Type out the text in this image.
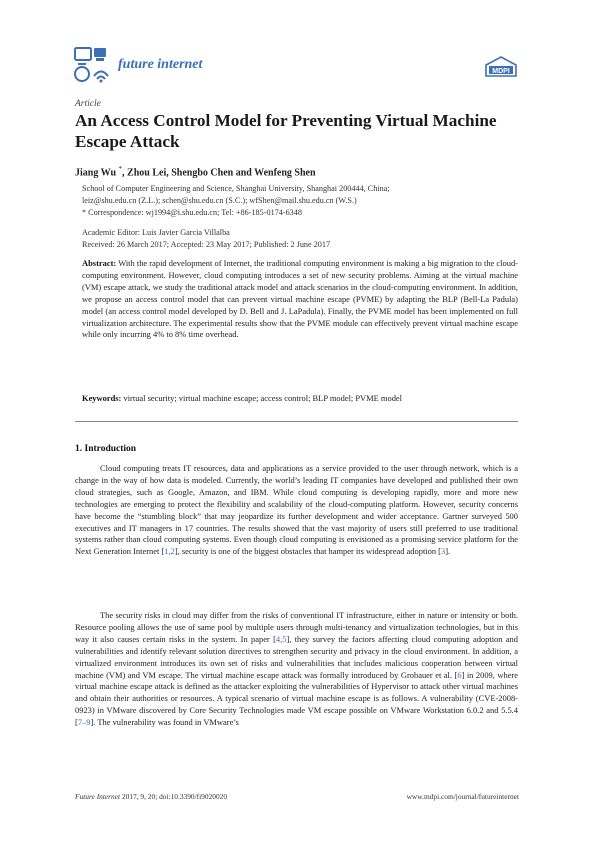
future internet	MDPI
Article
An Access Control Model for Preventing Virtual Machine Escape Attack
Jiang Wu *, Zhou Lei, Shengbo Chen and Wenfeng Shen
School of Computer Engineering and Science, Shanghai University, Shanghai 200444, China;
leiz@shu.edu.cn (Z.L.); schen@shu.edu.cn (S.C.); wfShen@mail.shu.edu.cn (W.S.)
* Correspondence: wj1994@i.shu.edu.cn; Tel: +86-185-0174-6348
Academic Editor: Luis Javier Garcia Villalba
Received: 26 March 2017; Accepted: 23 May 2017; Published: 2 June 2017
Abstract: With the rapid development of Internet, the traditional computing environment is making a big migration to the cloud-computing environment. However, cloud computing introduces a set of new security problems. Aiming at the virtual machine (VM) escape attack, we study the traditional attack model and attack scenarios in the cloud-computing environment. In addition, we propose an access control model that can prevent virtual machine escape (PVME) by adapting the BLP (Bell-La Padula) model (an access control model developed by D. Bell and J. LaPadula). Finally, the PVME model has been implemented on full virtualization architecture. The experimental results show that the PVME module can effectively prevent virtual machine escape while only incurring 4% to 8% time overhead.
Keywords: virtual security; virtual machine escape; access control; BLP model; PVME model
1. Introduction
Cloud computing treats IT resources, data and applications as a service provided to the user through network, which is a change in the way of how data is modeled. Currently, the world’s leading IT companies have developed and published their own cloud strategies, such as Google, Amazon, and IBM. While cloud computing is developing rapidly, more and more new technologies are emerging to protect the flexibility and scalability of the cloud-computing platform. However, security concerns have become the “stumbling block” that may jeopardize its further development and wider acceptance. Gartner surveyed 500 executives and IT managers in 17 countries. The results showed that the vast majority of users still preferred to use traditional systems rather than cloud computing systems. Even though cloud computing is envisioned as a promising service platform for the Next Generation Internet [1,2], security is one of the biggest obstacles that hamper its widespread adoption [3].
The security risks in cloud may differ from the risks of conventional IT infrastructure, either in nature or intensity or both. Resource pooling allows the use of same pool by multiple users through multi-tenancy and virtualization technologies, but in this way it also causes certain risks in the system. In paper [4,5], they survey the factors affecting cloud computing adoption and vulnerabilities and identify relevant solution directives to strengthen security and privacy in the cloud environment. In addition, a virtualized environment introduces its own set of risks and vulnerabilities that includes malicious cooperation between virtual machine (VM) and VM escape. The virtual machine escape attack was formally introduced by Grobauer et al. [6] in 2009, where virtual machine escape attack is defined as the attacker exploiting the vulnerabilities of Hypervisor to attack other virtual machines and obtain their authorities or resources. A typical scenario of virtual machine escape is as follows. A vulnerability (CVE-2008-0923) in VMware discovered by Core Security Technologies made VM escape possible on VMware Workstation 6.0.2 and 5.5.4 [7–9]. The vulnerability was found in VMware’s
Future Internet 2017, 9, 20; doi:10.3390/fi9020020	www.mdpi.com/journal/futureinternet
